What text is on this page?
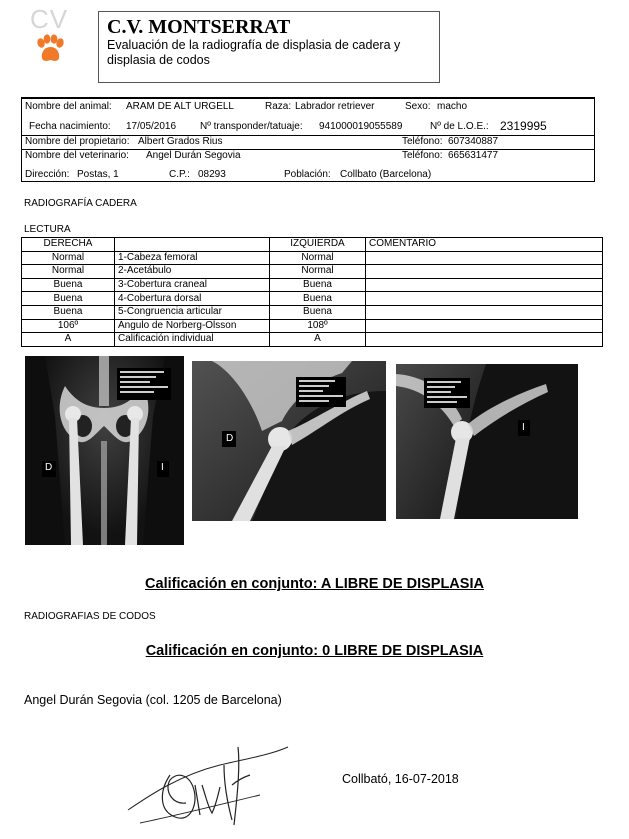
CV C.V. MONTSERRAT
Evaluación de la radiografía de displasia de cadera y
displasia de codos
Nombre del animal: ARAM DE ALT URGELL	Raza: Labrador retriever	Sexo: macho
Fecha nacimiento: 17/05/2016 Nº transponder/tatuaje: 941000019055589	Nº de L.O.E.: 2319995
Nombre del propietario: Albert Grados Rius	Teléfono: 607340887
Nombre del veterinario: Angel Durán Segovia	Teléfono: 665631477
Dirección: Postas, 1	C.P.: 08293	Población: Collbato (Barcelona)
RADIOGRAFÍA CADERA
LECTURA
DERECHA		IZQUIERDA	COMENTARIO
Normal	1-Cabeza femoral	Normal	
Normal	2-Acetábulo	Normal	
Buena	3-Cobertura craneal	Buena	
Buena	4-Cobertura dorsal	Buena	
Buena	5-Congruencia articular	Buena	
106º	Ángulo de Norberg-Olsson	108º	
A	Calificación individual	A	
D	I
D
I
Calificación en conjunto: A LIBRE DE DISPLASIA
RADIOGRAFIAS DE CODOS
Calificación en conjunto: 0 LIBRE DE DISPLASIA
Angel Durán Segovia (col. 1205 de Barcelona)
Collbató, 16-07-2018
